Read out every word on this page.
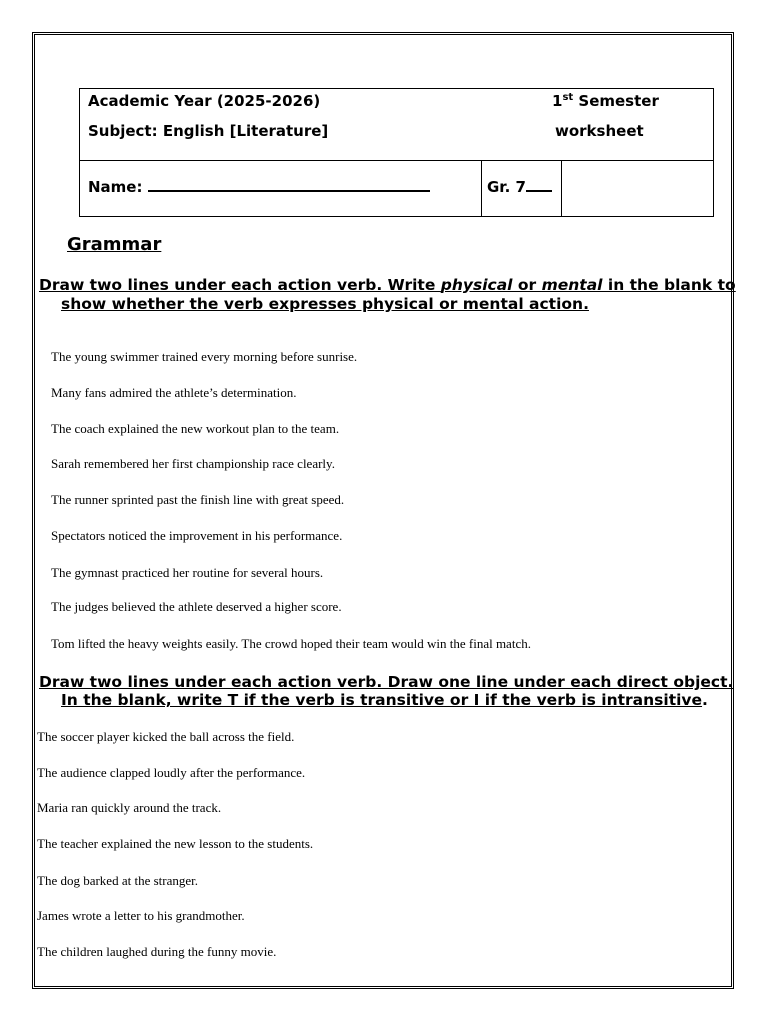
Academic Year (2025-2026)	1st Semester
Subject: English [Literature]	worksheet
Name:	Gr. 7
Grammar
Draw two lines under each action verb. Write physical or mental in the blank to
show whether the verb expresses physical or mental action.
The young swimmer trained every morning before sunrise.
Many fans admired the athlete’s determination.
The coach explained the new workout plan to the team.
Sarah remembered her first championship race clearly.
The runner sprinted past the finish line with great speed.
Spectators noticed the improvement in his performance.
The gymnast practiced her routine for several hours.
The judges believed the athlete deserved a higher score.
Tom lifted the heavy weights easily. The crowd hoped their team would win the final match.
Draw two lines under each action verb. Draw one line under each direct object.
In the blank, write T if the verb is transitive or I if the verb is intransitive.
The soccer player kicked the ball across the field.
The audience clapped loudly after the performance.
Maria ran quickly around the track.
The teacher explained the new lesson to the students.
The dog barked at the stranger.
James wrote a letter to his grandmother.
The children laughed during the funny movie.
